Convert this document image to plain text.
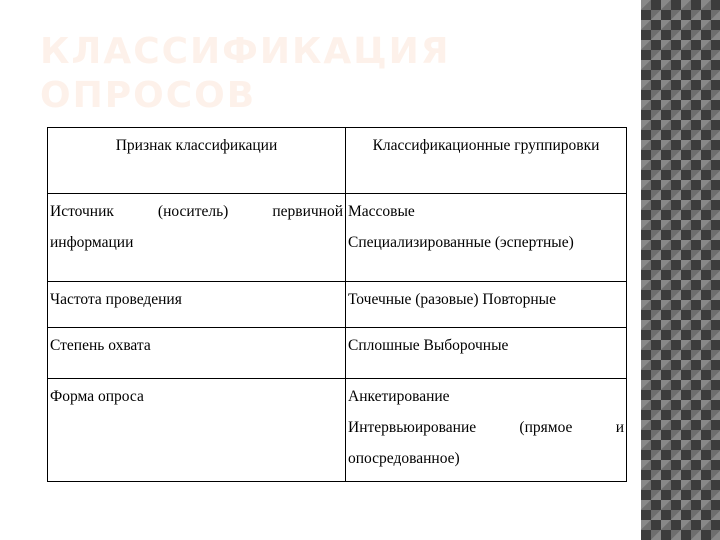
КЛАССИФИКАЦИЯ
ОПРОСОВ
Признак классификации	Классификационные группировки
Источник (носитель) первичной информации	Массовые
Специализированные (эспертные)

Частота проведения	Точечные (разовые) Повторные
Степень охвата	Сплошные Выборочные
Форма опроса	Анкетирование
Интервьюирование (прямое и опосредованное)
